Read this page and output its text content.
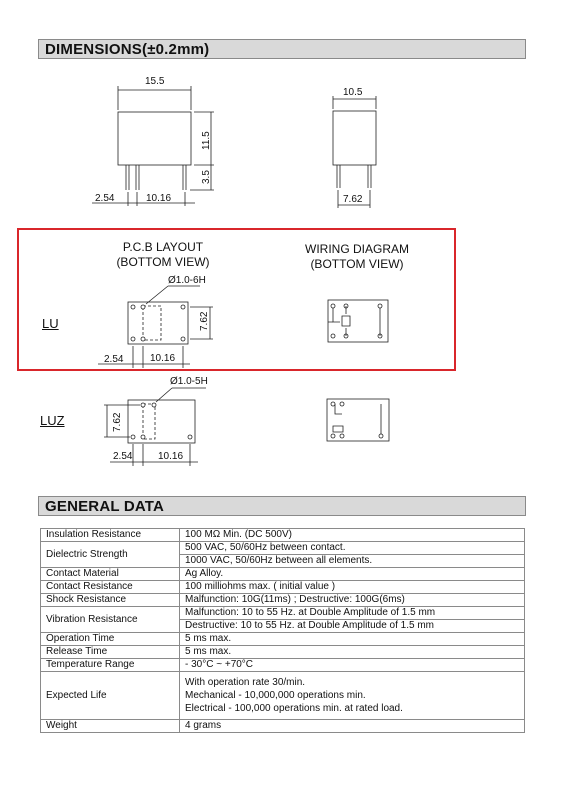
DIMENSIONS(±0.2mm)
15.5
11.5
3.5
2.54	10.16
10.5
7.62
Ø1.0-6H
7.62
2.54	10.16
Ø1.0-5H
7.62
2.54	10.16
P.C.B LAYOUT
(BOTTOM VIEW)
WIRING DIAGRAM
(BOTTOM VIEW)
LU
LUZ
GENERAL DATA
Insulation Resistance	100 MΩ Min. (DC 500V)
Dielectric Strength	500 VAC, 50/60Hz between contact.
	1000 VAC, 50/60Hz between all elements.
Contact Material	Ag Alloy.
Contact Resistance	100 milliohms max. ( initial value )
Shock Resistance	Malfunction: 10G(11ms) ; Destructive: 100G(6ms)
Vibration Resistance	Malfunction: 10 to 55 Hz. at Double Amplitude of 1.5 mm
	Destructive: 10 to 55 Hz. at Double Amplitude of 1.5 mm
Operation Time	5 ms max.
Release Time	5 ms max.
Temperature Range	- 30°C ~ +70°C
Expected Life	With operation rate 30/min.
Mechanical - 10,000,000 operations min.
Electrical - 100,000 operations min. at rated load.

Weight	4 grams
